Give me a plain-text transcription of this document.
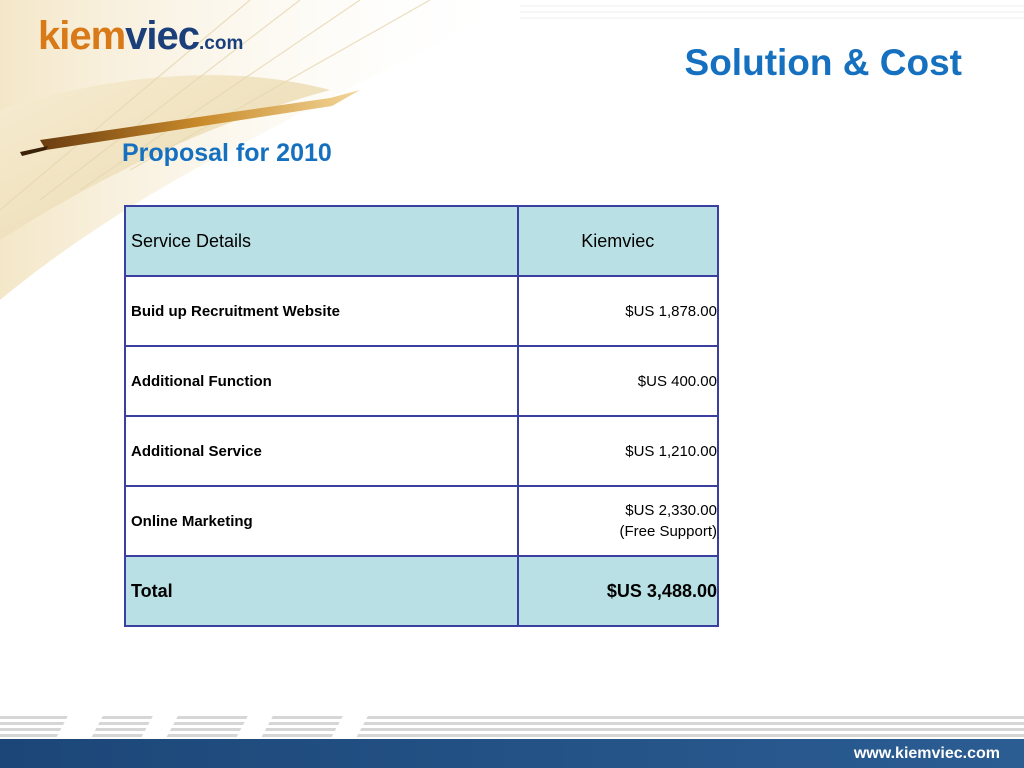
kiemviec.com	Solution & Cost
Proposal for 2010
Service Details	Kiemviec
Buid up Recruitment Website	$US 1,878.00
Additional Function	$US 400.00
Additional Service	$US 1,210.00
Online Marketing	$US 2,330.00
(Free Support)
Total	$US 3,488.00
www.kiemviec.com
